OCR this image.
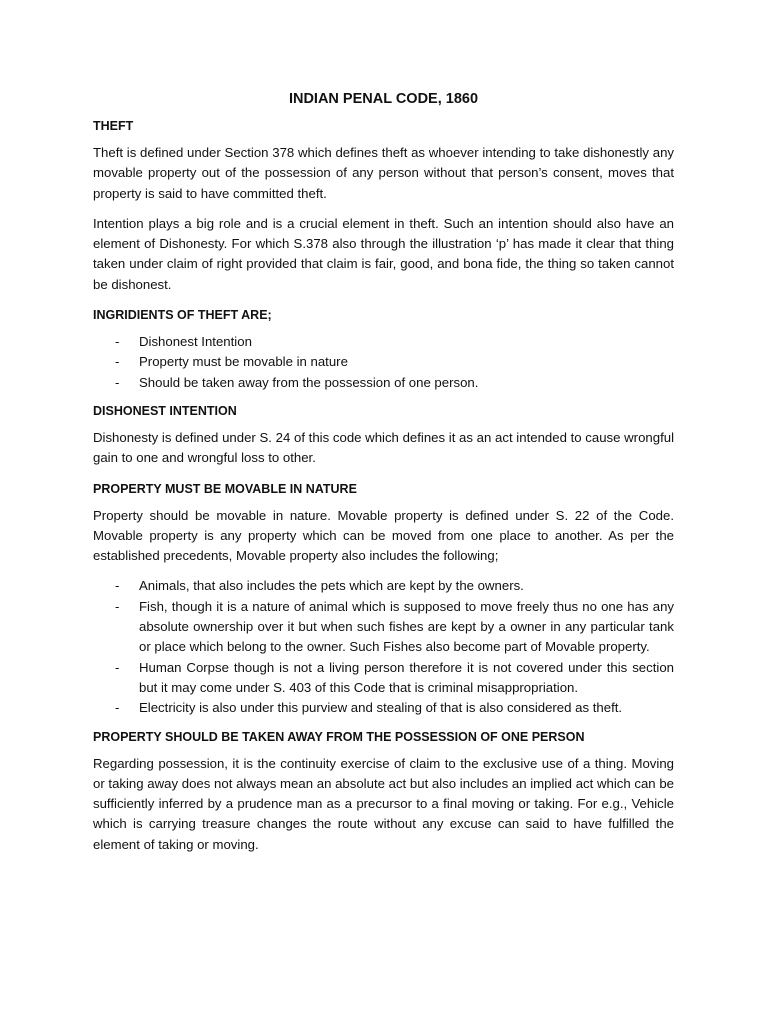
INDIAN PENAL CODE, 1860
THEFT

Theft is defined under Section 378 which defines theft as whoever intending to take dishonestly any movable property out of the possession of any person without that person’s consent, moves that property is said to have committed theft.

Intention plays a big role and is a crucial element in theft. Such an intention should also have an element of Dishonesty. For which S.378 also through the illustration ‘p’ has made it clear that thing taken under claim of right provided that claim is fair, good, and bona fide, the thing so taken cannot be dishonest.

INGRIDIENTS OF THEFT ARE;
- Dishonest Intention
- Property must be movable in nature
- Should be taken away from the possession of one person.
DISHONEST INTENTION

Dishonesty is defined under S. 24 of this code which defines it as an act intended to cause wrongful gain to one and wrongful loss to other.

PROPERTY MUST BE MOVABLE IN NATURE

Property should be movable in nature. Movable property is defined under S. 22 of the Code. Movable property is any property which can be moved from one place to another. As per the established precedents, Movable property also includes the following;

- Animals, that also includes the pets which are kept by the owners.
- Fish, though it is a nature of animal which is supposed to move freely thus no one has any absolute ownership over it but when such fishes are kept by a owner in any particular tank or place which belong to the owner. Such Fishes also become part of Movable property.
- Human Corpse though is not a living person therefore it is not covered under this section but it may come under S. 403 of this Code that is criminal misappropriation.
- Electricity is also under this purview and stealing of that is also considered as theft.
PROPERTY SHOULD BE TAKEN AWAY FROM THE POSSESSION OF ONE PERSON

Regarding possession, it is the continuity exercise of claim to the exclusive use of a thing. Moving or taking away does not always mean an absolute act but also includes an implied act which can be sufficiently inferred by a prudence man as a precursor to a final moving or taking. For e.g., Vehicle which is carrying treasure changes the route without any excuse can said to have fulfilled the element of taking or moving.
